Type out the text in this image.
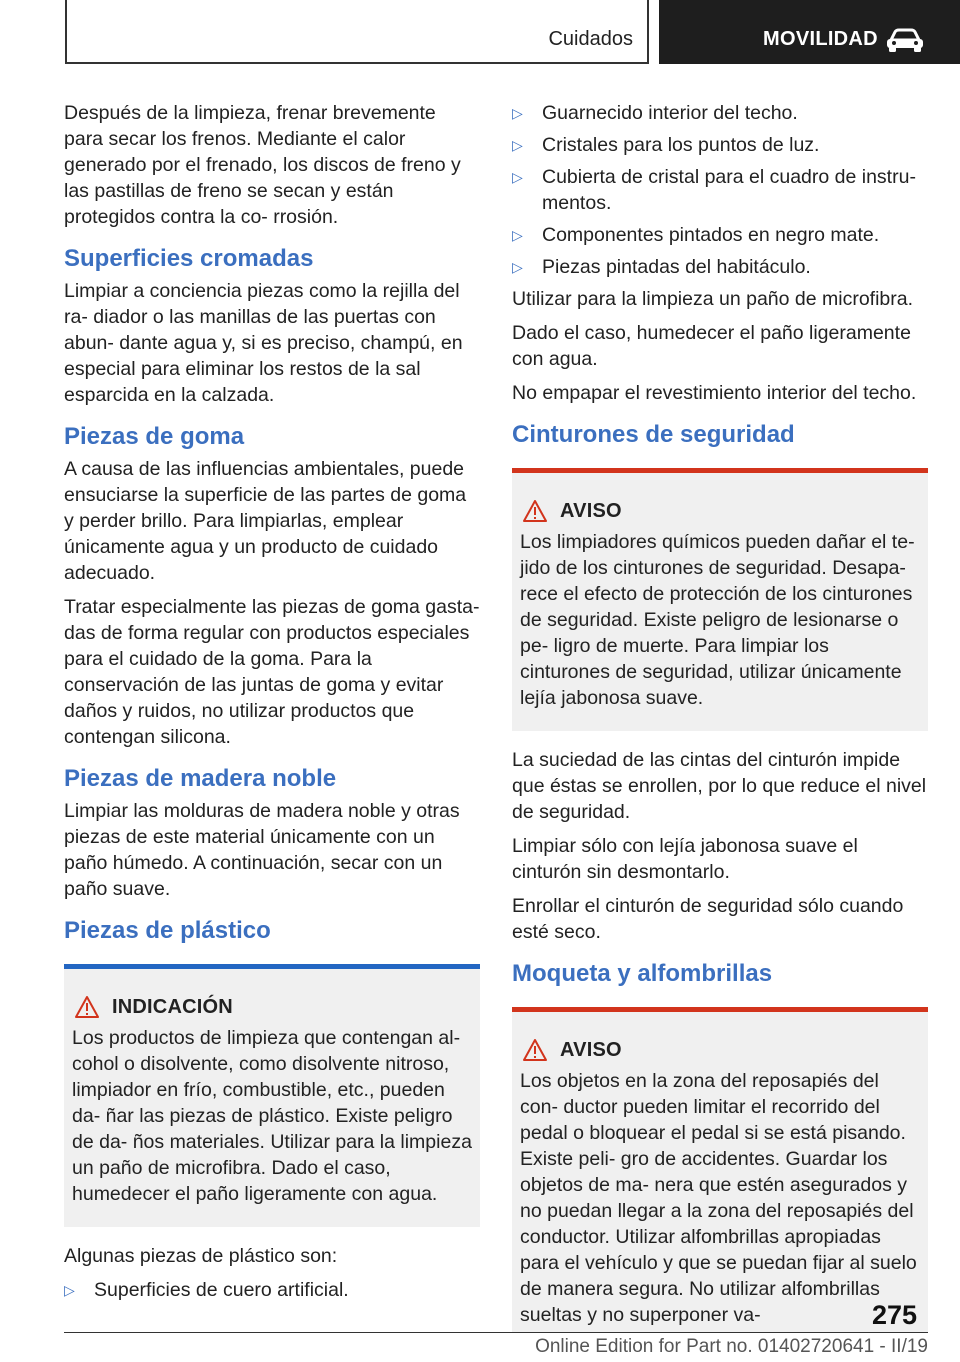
Cuidados	MOVILIDAD

Después de la limpieza, frenar brevemente para secar los frenos. Mediante el calor generado por el frenado, los discos de freno y las pastillas de freno se secan y están protegidos contra la co- rrosión.

Superficies cromadas

Limpiar a conciencia piezas como la rejilla del ra- diador o las manillas de las puertas con abun- dante agua y, si es preciso, champú, en especial para eliminar los restos de la sal esparcida en la calzada.

Piezas de goma

A causa de las influencias ambientales, puede ensuciarse la superficie de las partes de goma y perder brillo. Para limpiarlas, emplear únicamente agua y un producto de cuidado adecuado.

Tratar especialmente las piezas de goma gasta- das de forma regular con productos especiales para el cuidado de la goma. Para la conservación de las juntas de goma y evitar daños y ruidos, no utilizar productos que contengan silicona.

Piezas de madera noble

Limpiar las molduras de madera noble y otras piezas de este material únicamente con un paño húmedo. A continuación, secar con un paño suave.

Piezas de plástico
INDICACIÓN

Los productos de limpieza que contengan al- cohol o disolvente, como disolvente nitroso, limpiador en frío, combustible, etc., pueden da- ñar las piezas de plástico. Existe peligro de da- ños materiales. Utilizar para la limpieza un paño de microfibra. Dado el caso, humedecer el paño ligeramente con agua.

Algunas piezas de plástico son:

▷ Superficies de cuero artificial.
▷ Guarnecido interior del techo.
▷ Cristales para los puntos de luz.
▷ Cubierta de cristal para el cuadro de instru- mentos.
▷ Componentes pintados en negro mate.
▷ Piezas pintadas del habitáculo.

Utilizar para la limpieza un paño de microfibra.

Dado el caso, humedecer el paño ligeramente con agua.

No empapar el revestimiento interior del techo.

Cinturones de seguridad
AVISO

Los limpiadores químicos pueden dañar el te- jido de los cinturones de seguridad. Desapa- rece el efecto de protección de los cinturones de seguridad. Existe peligro de lesionarse o pe- ligro de muerte. Para limpiar los cinturones de seguridad, utilizar únicamente lejía jabonosa suave.

La suciedad de las cintas del cinturón impide que éstas se enrollen, por lo que reduce el nivel de seguridad.

Limpiar sólo con lejía jabonosa suave el cinturón sin desmontarlo.

Enrollar el cinturón de seguridad sólo cuando esté seco.

Moqueta y alfombrillas
AVISO

Los objetos en la zona del reposapiés del con- ductor pueden limitar el recorrido del pedal o bloquear el pedal si se está pisando. Existe peli- gro de accidentes. Guardar los objetos de ma- nera que estén asegurados y no puedan llegar a la zona del reposapiés del conductor. Utilizar alfombrillas apropiadas para el vehículo y que se puedan fijar al suelo de manera segura. No utilizar alfombrillas sueltas y no superponer va-	275
Online Edition for Part no. 01402720641 - II/19
